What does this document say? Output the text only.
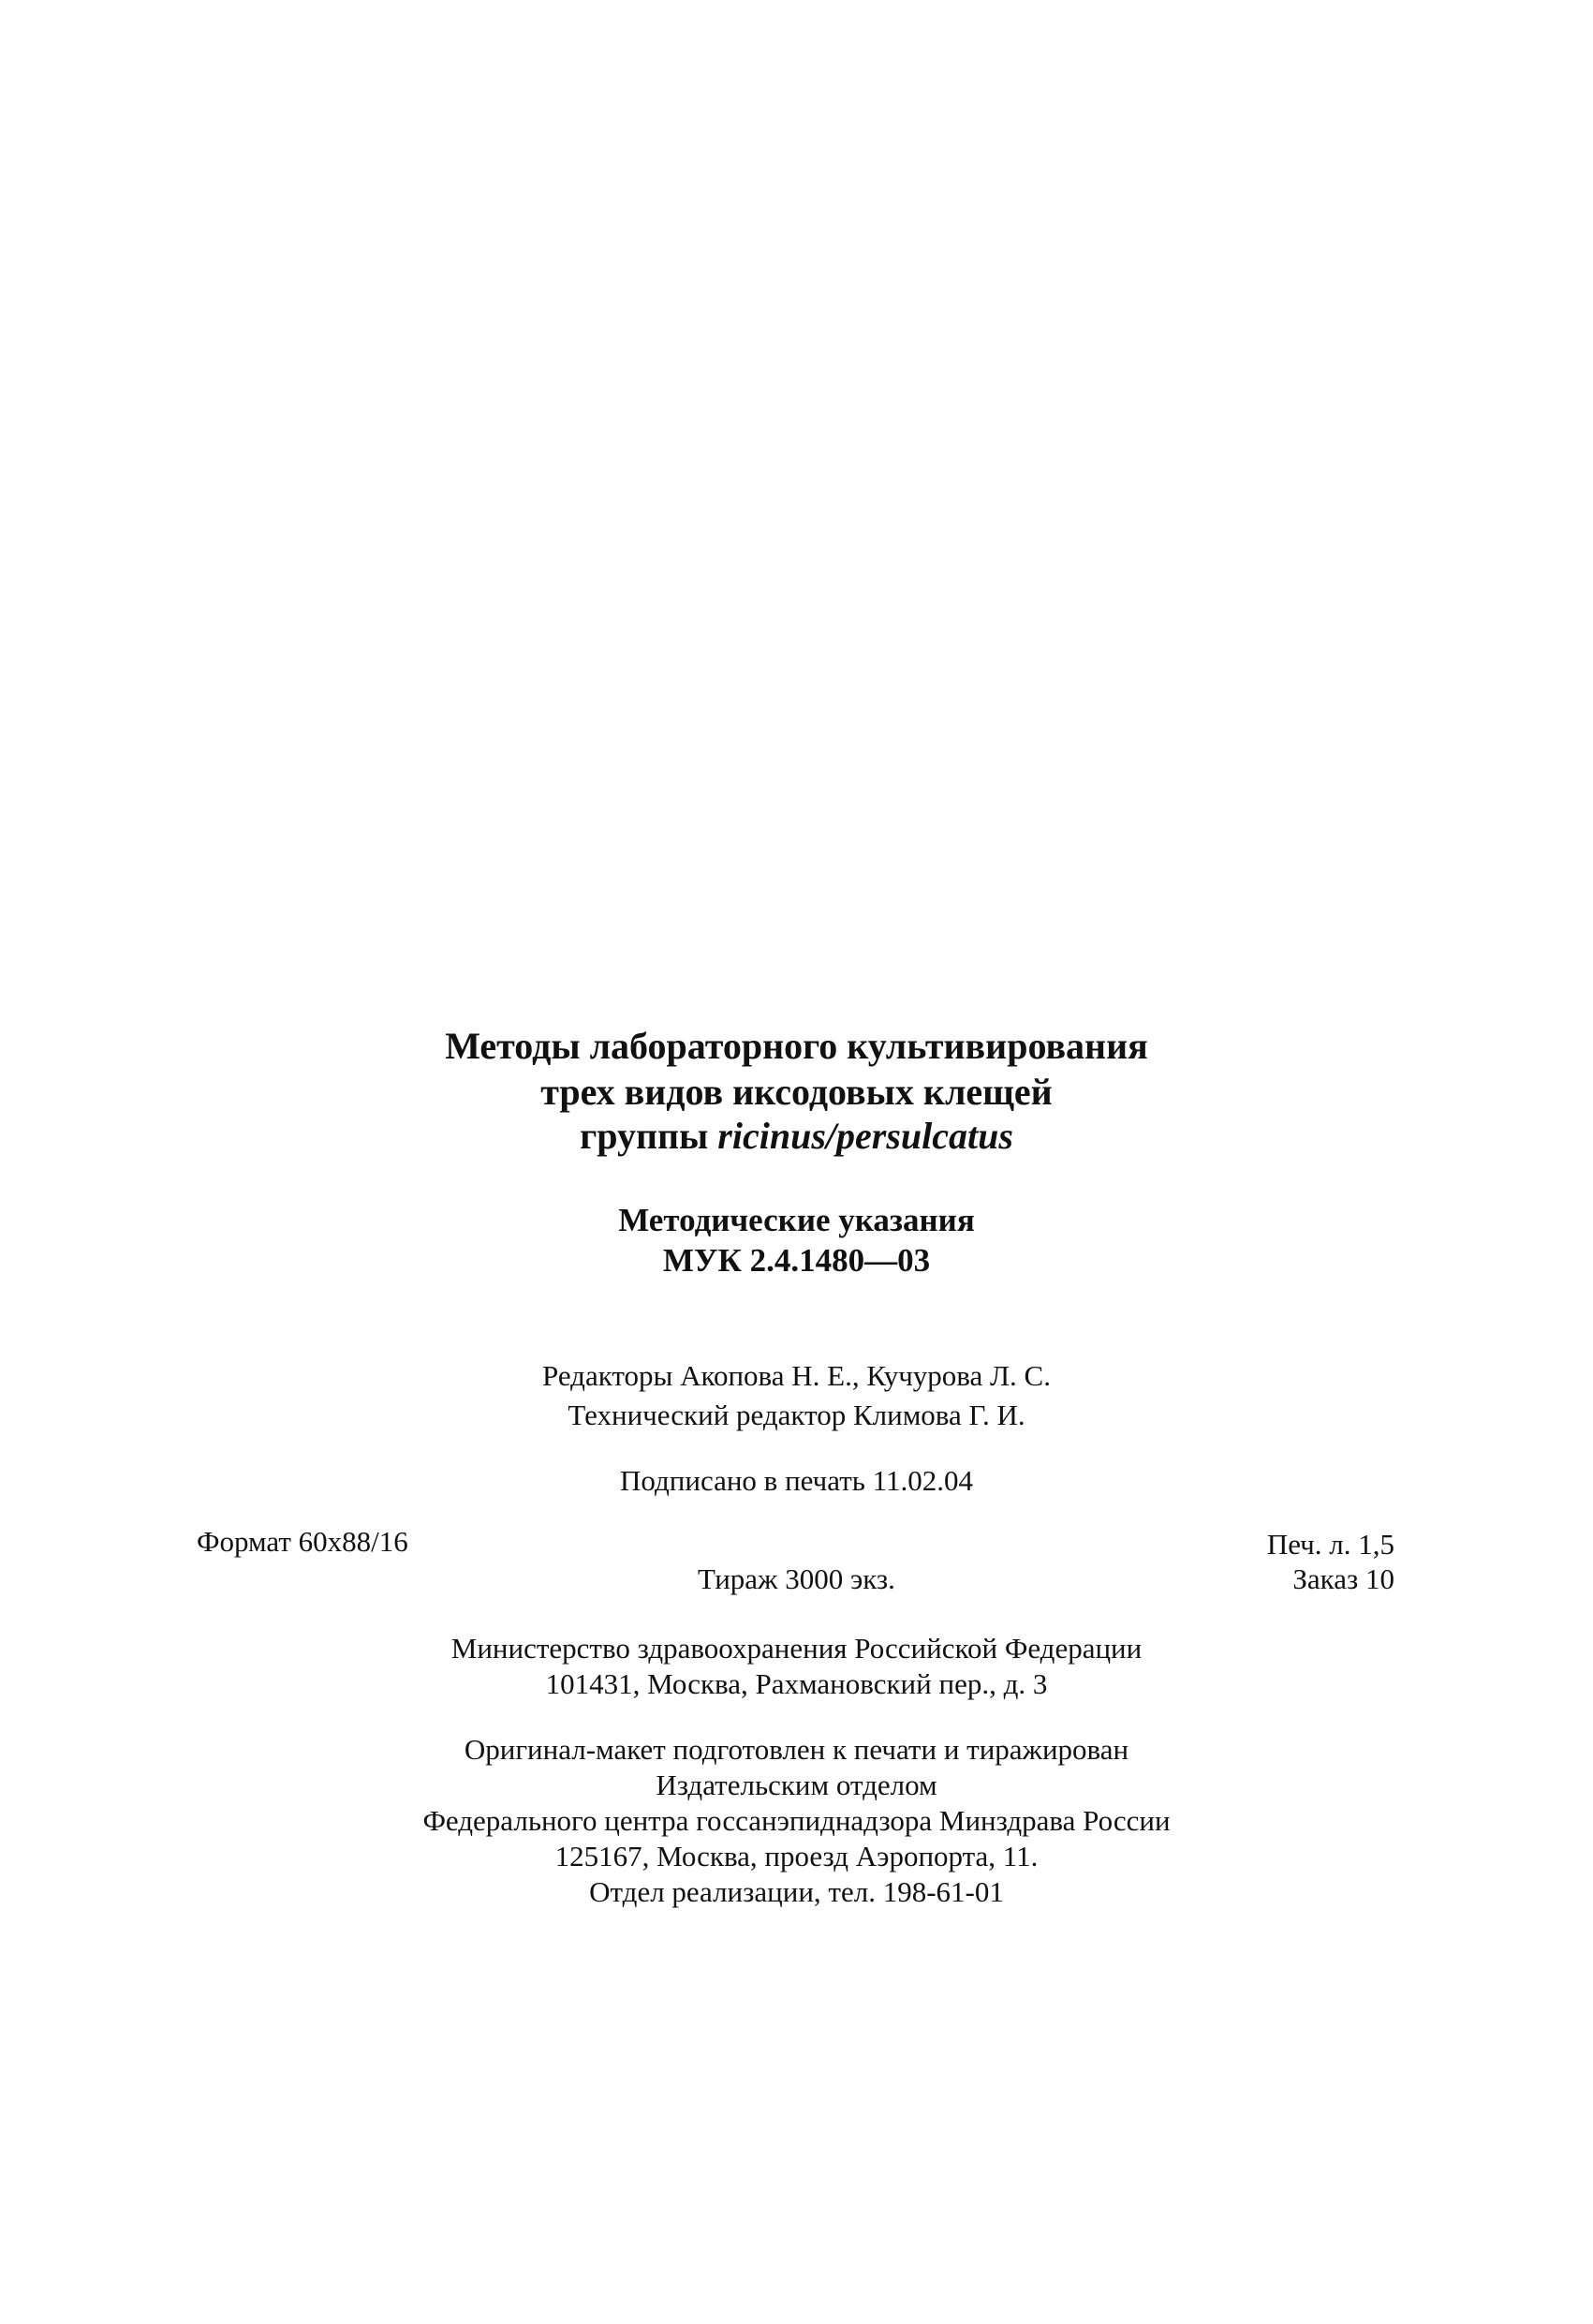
Методы лабораторного культивирования
трех видов иксодовых клещей
группы ricinus/persulcatus
Методические указания
МУК 2.4.1480—03
Редакторы Акопова Н. Е., Кучурова Л. С.
Технический редактор Климова Г. И.
Подписано в печать 11.02.04
Формат 60x88/16	Печ. л. 1,5
Тираж 3000 экз.	Заказ 10
Министерство здравоохранения Российской Федерации
101431, Москва, Рахмановский пер., д. 3
Оригинал-макет подготовлен к печати и тиражирован
Издательским отделом
Федерального центра госсанэпиднадзора Минздрава России
125167, Москва, проезд Аэропорта, 11.
Отдел реализации, тел. 198-61-01
